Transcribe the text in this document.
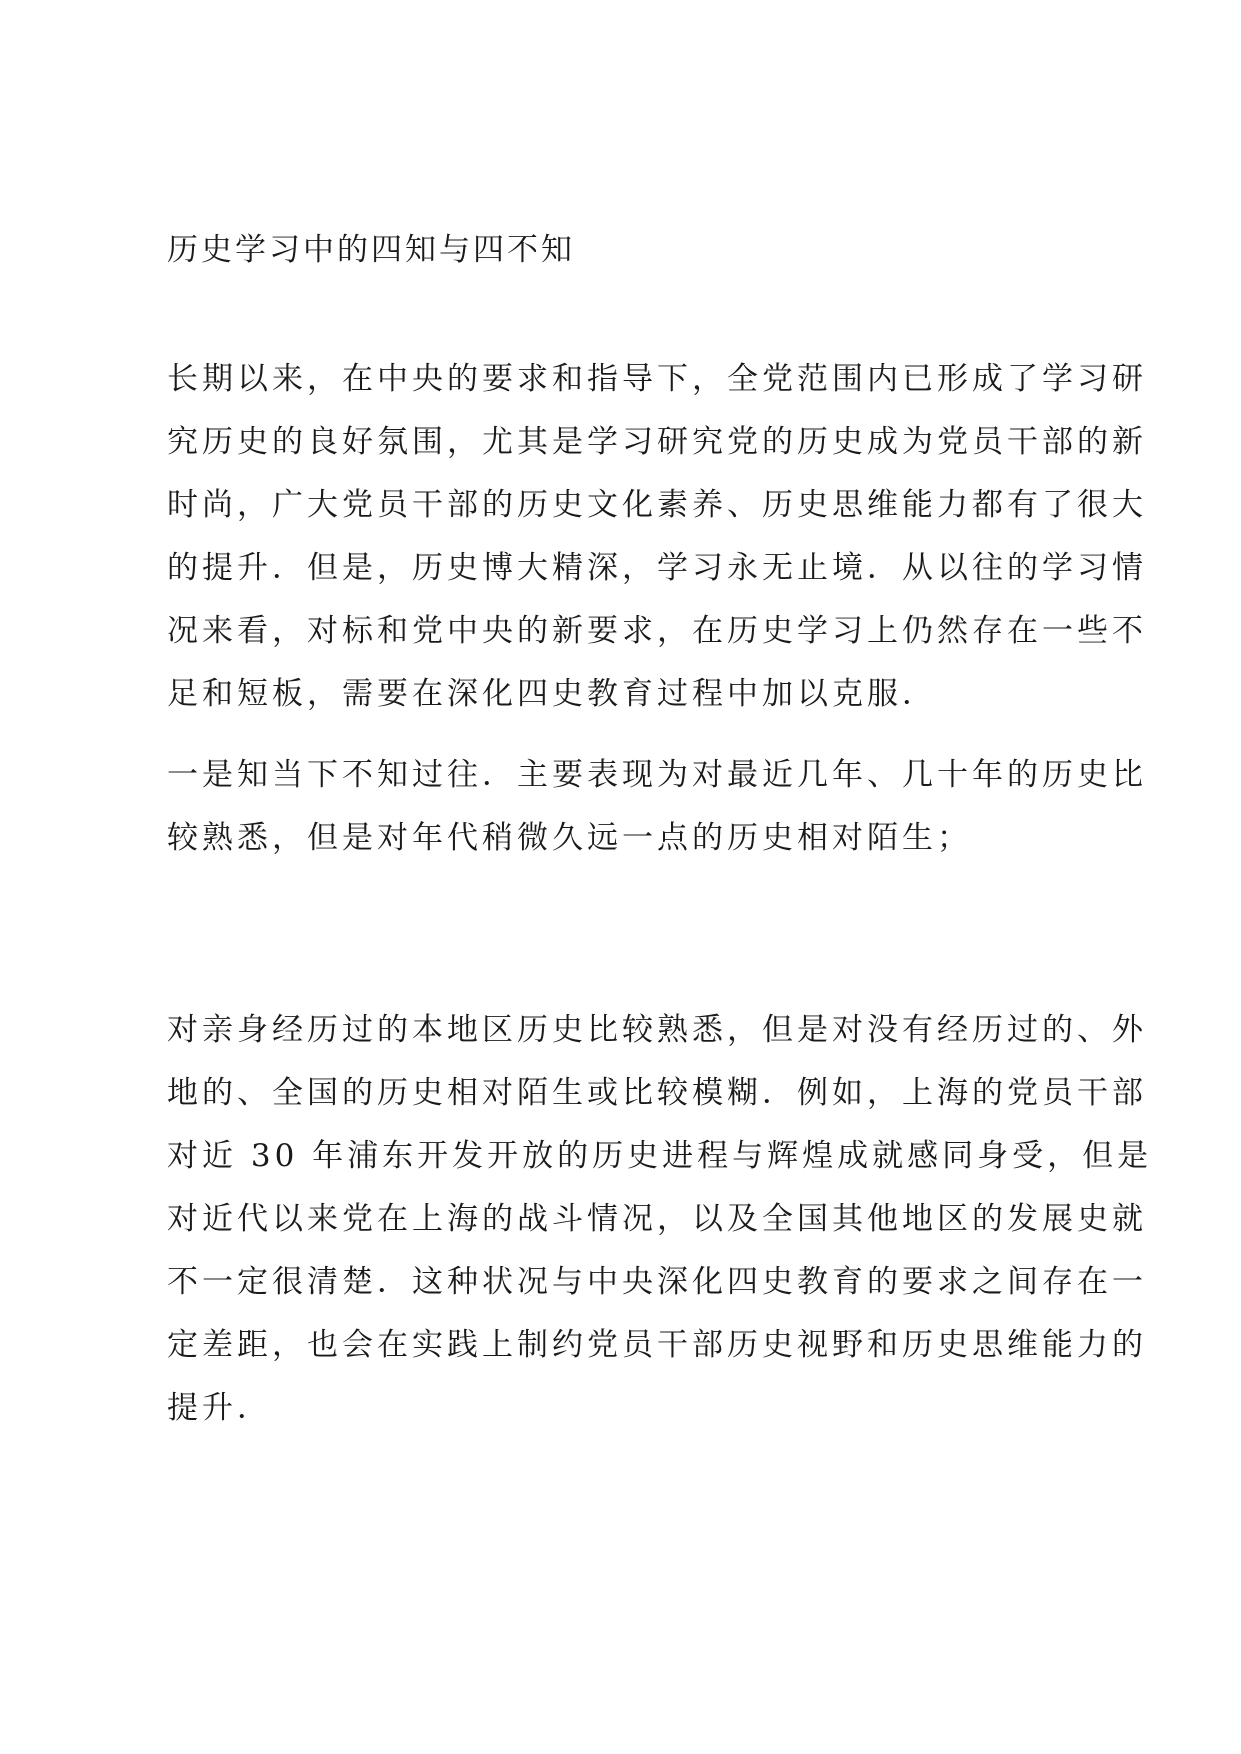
历史学习中的四知与四不知
长期以来，在中央的要求和指导下，全党范围内已形成了学习研
究历史的良好氛围，尤其是学习研究党的历史成为党员干部的新
时尚，广大党员干部的历史文化素养、历史思维能力都有了很大
的提升．但是，历史博大精深，学习永无止境．从以往的学习情
况来看，对标和党中央的新要求，在历史学习上仍然存在一些不
足和短板，需要在深化四史教育过程中加以克服．
一是知当下不知过往．主要表现为对最近几年、几十年的历史比
较熟悉，但是对年代稍微久远一点的历史相对陌生；
对亲身经历过的本地区历史比较熟悉，但是对没有经历过的、外
地的、全国的历史相对陌生或比较模糊．例如，上海的党员干部
对近 30 年浦东开发开放的历史进程与辉煌成就感同身受，但是
对近代以来党在上海的战斗情况，以及全国其他地区的发展史就
不一定很清楚．这种状况与中央深化四史教育的要求之间存在一
定差距，也会在实践上制约党员干部历史视野和历史思维能力的
提升．
